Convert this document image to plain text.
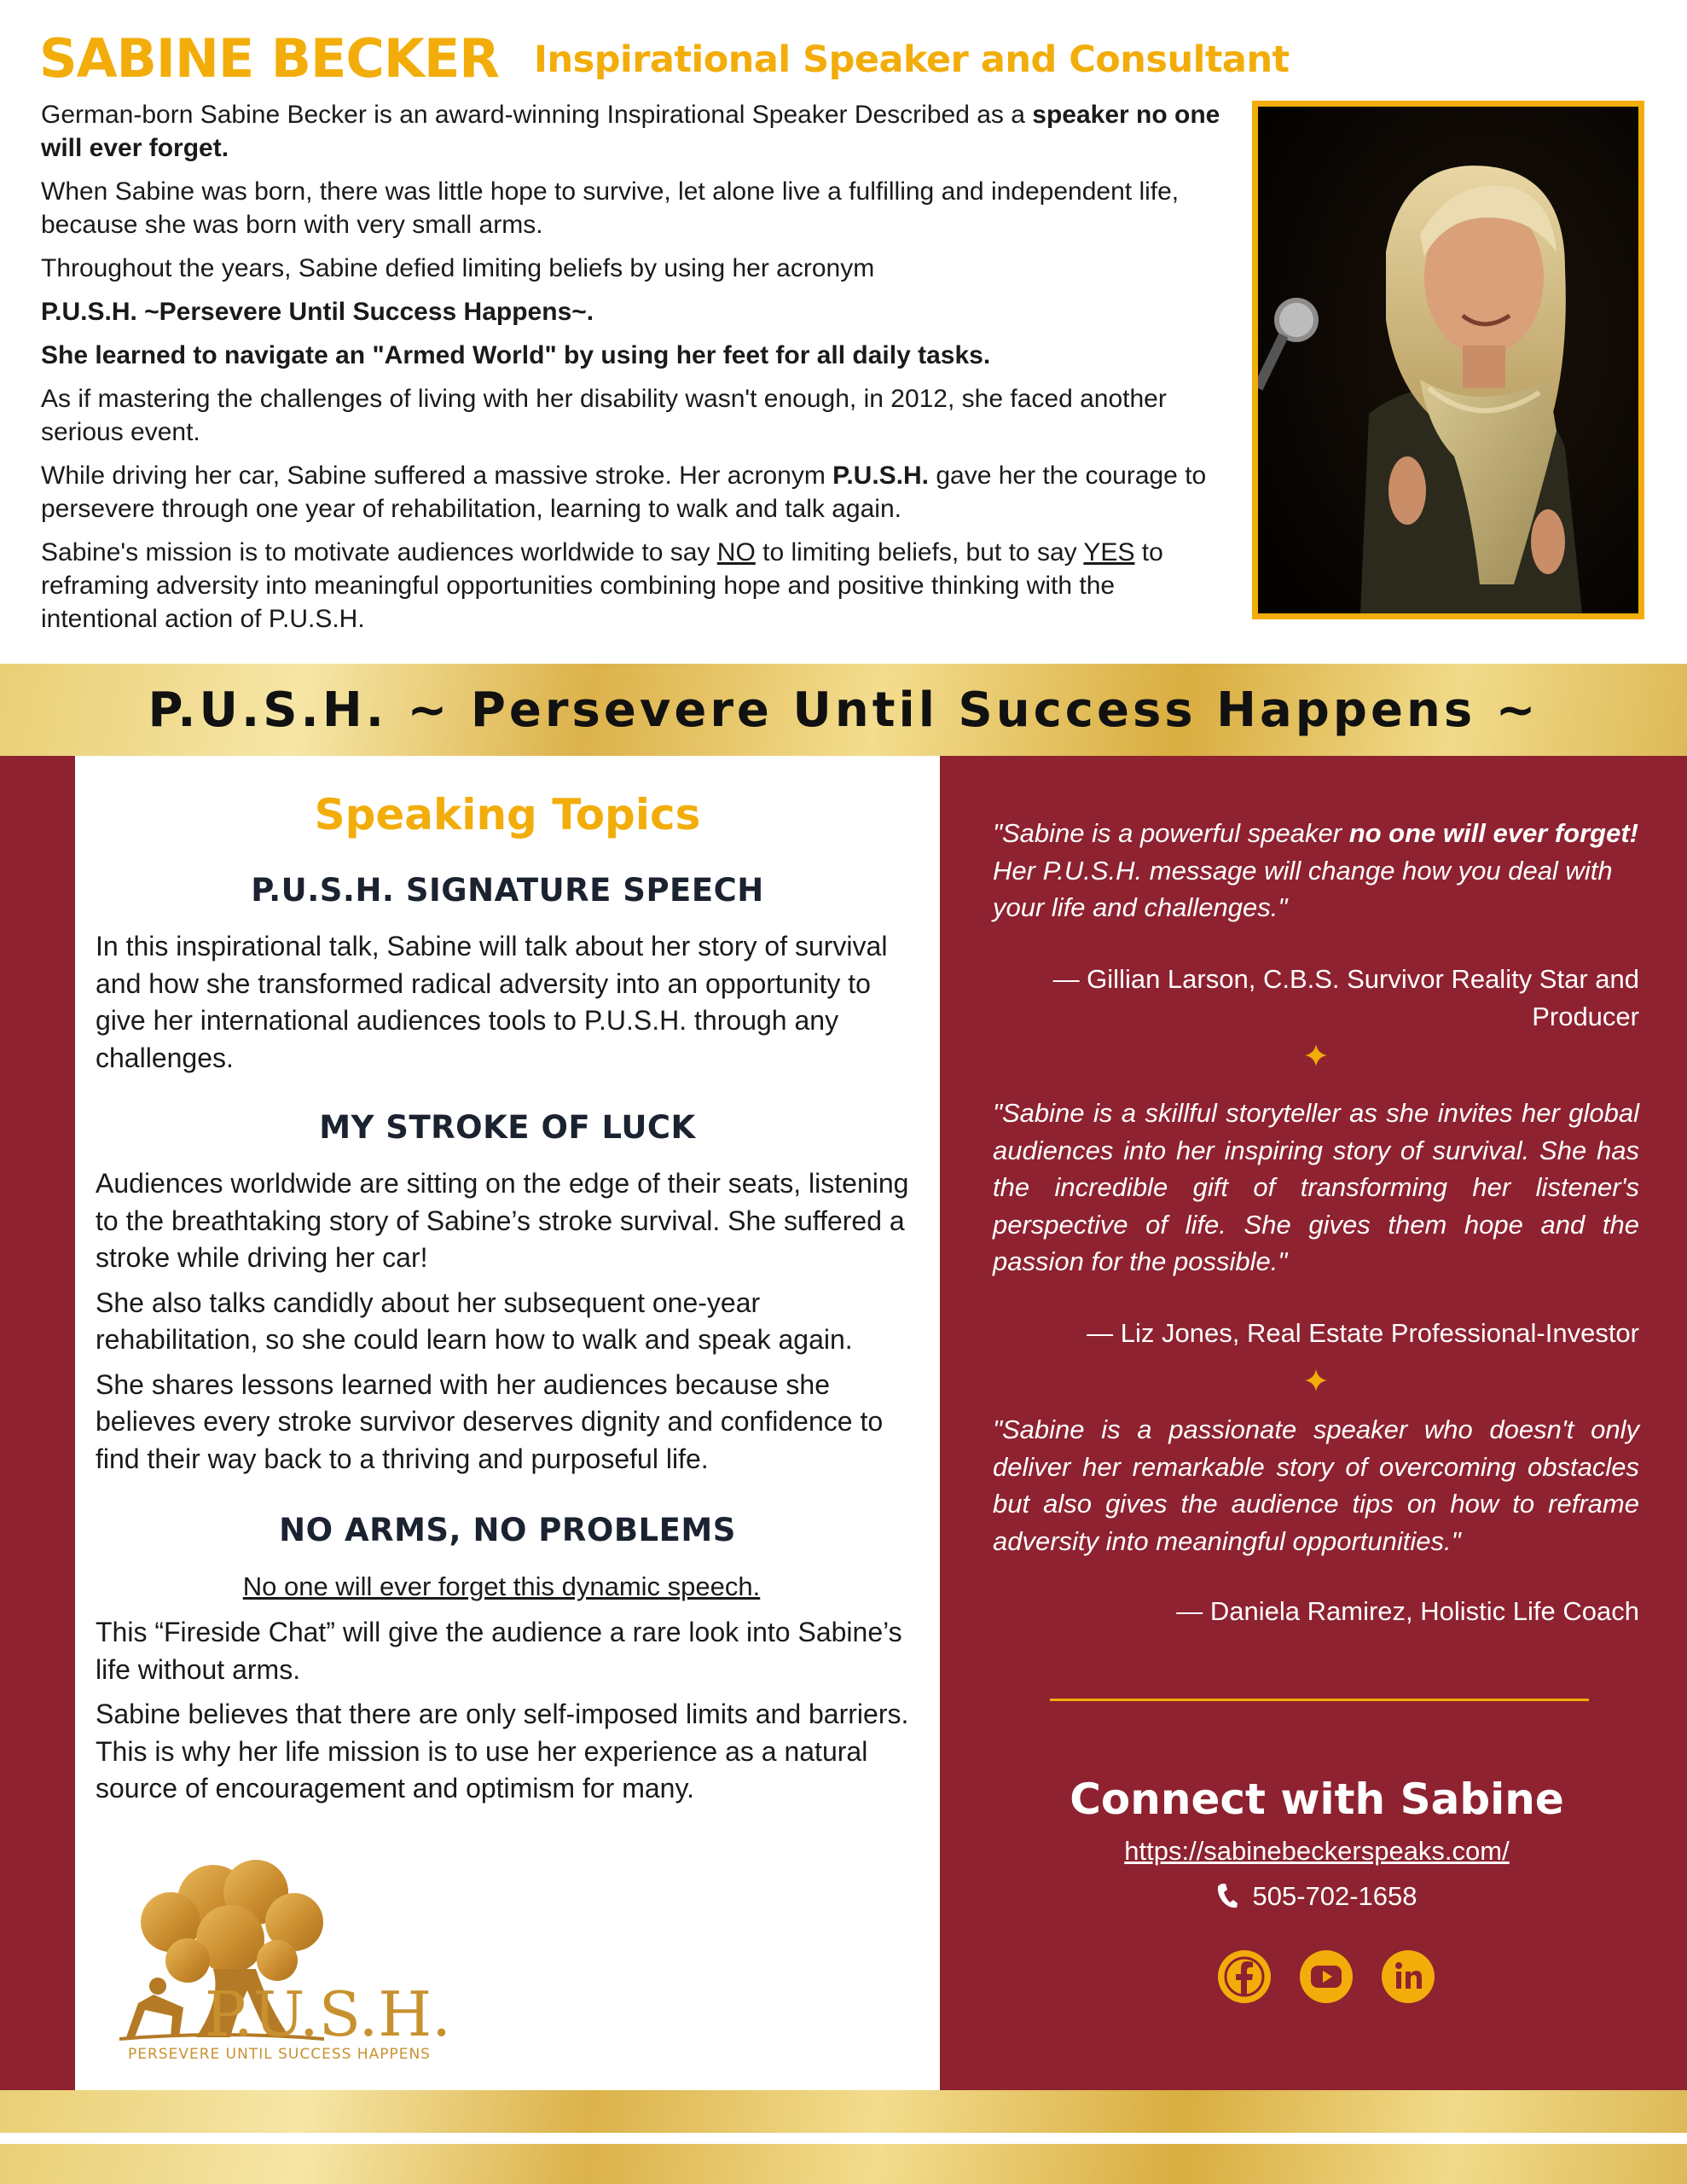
SABINE BECKER Inspirational Speaker and Consultant

German-born Sabine Becker is an award-winning Inspirational Speaker Described as a speaker no one will ever forget.

When Sabine was born, there was little hope to survive, let alone live a fulfilling and independent life, because she was born with very small arms.

Throughout the years, Sabine defied limiting beliefs by using her acronym

P.U.S.H. ~Persevere Until Success Happens~.

She learned to navigate an "Armed World" by using her feet for all daily tasks.

As if mastering the challenges of living with her disability wasn't enough, in 2012, she faced another serious event.

While driving her car, Sabine suffered a massive stroke. Her acronym P.U.S.H. gave her the courage to persevere through one year of rehabilitation, learning to walk and talk again.

Sabine's mission is to motivate audiences worldwide to say NO to limiting beliefs, but to say YES to reframing adversity into meaningful opportunities combining hope and positive thinking with the intentional action of P.U.S.H.

P.U.S.H. ~ Persevere Until Success Happens ~
Speaking Topics
P.U.S.H. SIGNATURE SPEECH

In this inspirational talk, Sabine will talk about her story of survival and how she transformed radical adversity into an opportunity to give her international audiences tools to P.U.S.H. through any challenges.

MY STROKE OF LUCK

Audiences worldwide are sitting on the edge of their seats, listening to the breathtaking story of Sabine’s stroke survival. She suffered a stroke while driving her car!

She also talks candidly about her subsequent one-year rehabilitation, so she could learn how to walk and speak again.

She shares lessons learned with her audiences because she believes every stroke survivor deserves dignity and confidence to find their way back to a thriving and purposeful life.

NO ARMS, NO PROBLEMS
No one will ever forget this dynamic speech.

This “Fireside Chat” will give the audience a rare look into Sabine’s life without arms.

Sabine believes that there are only self-imposed limits and barriers. This is why her life mission is to use her experience as a natural source of encouragement and optimism for many.

P.U.S.H.
PERSEVERE UNTIL SUCCESS HAPPENS
"Sabine is a powerful speaker no one will ever forget! Her P.U.S.H. message will change how you deal with your life and challenges."
— Gillian Larson, C.B.S. Survivor Reality Star and Producer
"Sabine is a skillful storyteller as she invites her global audiences into her inspiring story of survival. She has the incredible gift of transforming her listener's perspective of life. She gives them hope and the passion for the possible."
— Liz Jones, Real Estate Professional-Investor
"Sabine is a passionate speaker who doesn't only deliver her remarkable story of overcoming obstacles but also gives the audience tips on how to reframe adversity into meaningful opportunities."
— Daniela Ramirez, Holistic Life Coach
Connect with Sabine
https://sabinebeckerspeaks.com/
505-702-1658
